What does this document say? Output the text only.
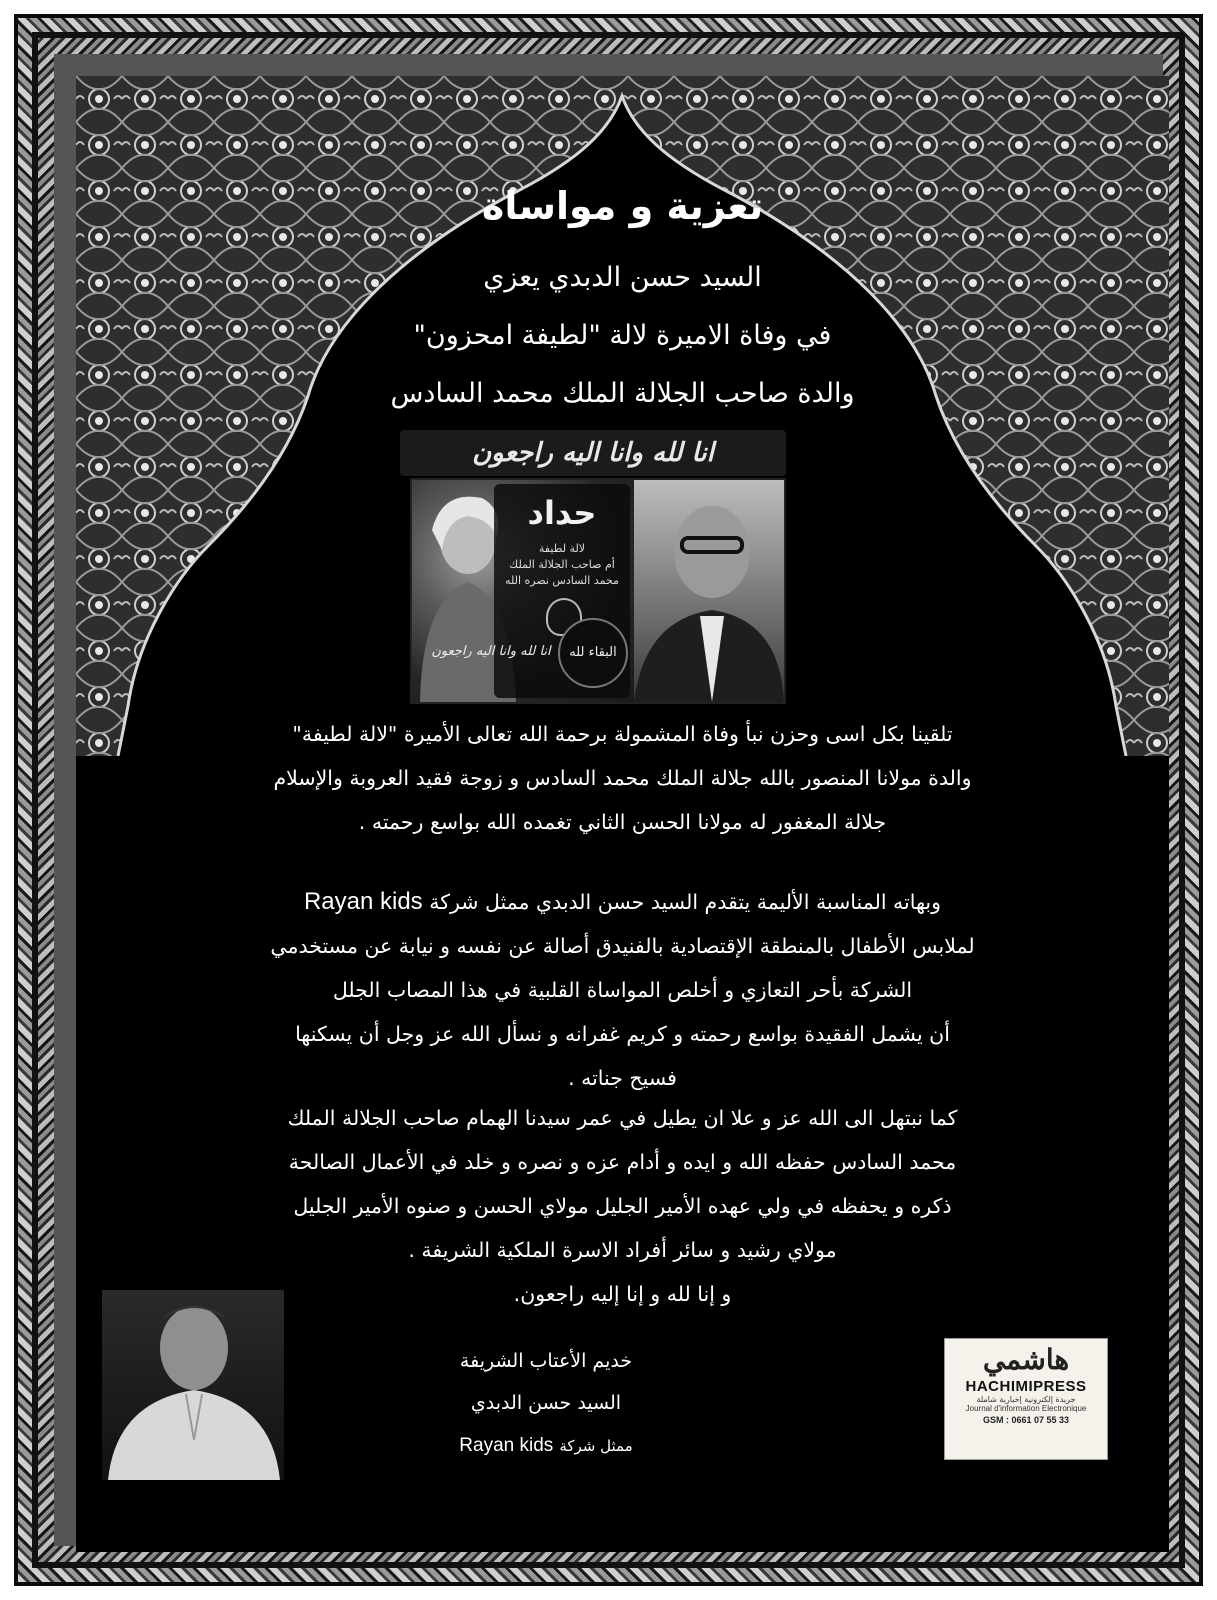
تعزية و مواساة
السيد حسن الدبدي يعزي
في وفاة الاميرة لالة "لطيفة امحزون"
والدة صاحب الجلالة الملك محمد السادس
انا لله وانا اليه راجعون
حداد
لالة لطيفة
أم صاحب الجلالة الملك
محمد السادس نصره الله
انا لله وانا اليه راجعون	البقاء لله
تلقينا بكل اسى وحزن نبأ وفاة المشمولة برحمة الله تعالى الأميرة "لالة لطيفة"
والدة مولانا المنصور بالله جلالة الملك محمد السادس و زوجة فقيد العروبة والإسلام
جلالة المغفور له مولانا الحسن الثاني تغمده الله بواسع رحمته .
وبهاته المناسبة الأليمة يتقدم السيد حسن الدبدي ممثل شركة Rayan kids
لملابس الأطفال بالمنطقة الإقتصادية بالفنيدق أصالة عن نفسه و نيابة عن مستخدمي
الشركة بأحر التعازي و أخلص المواساة القلبية في هذا المصاب الجلل
أن يشمل الفقيدة بواسع رحمته و كريم غفرانه و نسأل الله عز وجل أن يسكنها
فسيح جناته .
كما نبتهل الى الله عز و علا ان يطيل في عمر سيدنا الهمام صاحب الجلالة الملك
محمد السادس حفظه الله و ايده و أدام عزه و نصره و خلد في الأعمال الصالحة
ذكره و يحفظه في ولي عهده الأمير الجليل مولاي الحسن و صنوه الأمير الجليل
مولاي رشيد و سائر أفراد الاسرة الملكية الشريفة .
و إنا لله و إنا إليه راجعون.
خديم الأعتاب الشريفة
السيد حسن الدبدي
ممثل شركة Rayan kids
هاشمي
HACHIMIPRESS
جريدة إلكترونية إخبارية شاملة
Journal d'information Electronique
GSM : 0661 07 55 33
